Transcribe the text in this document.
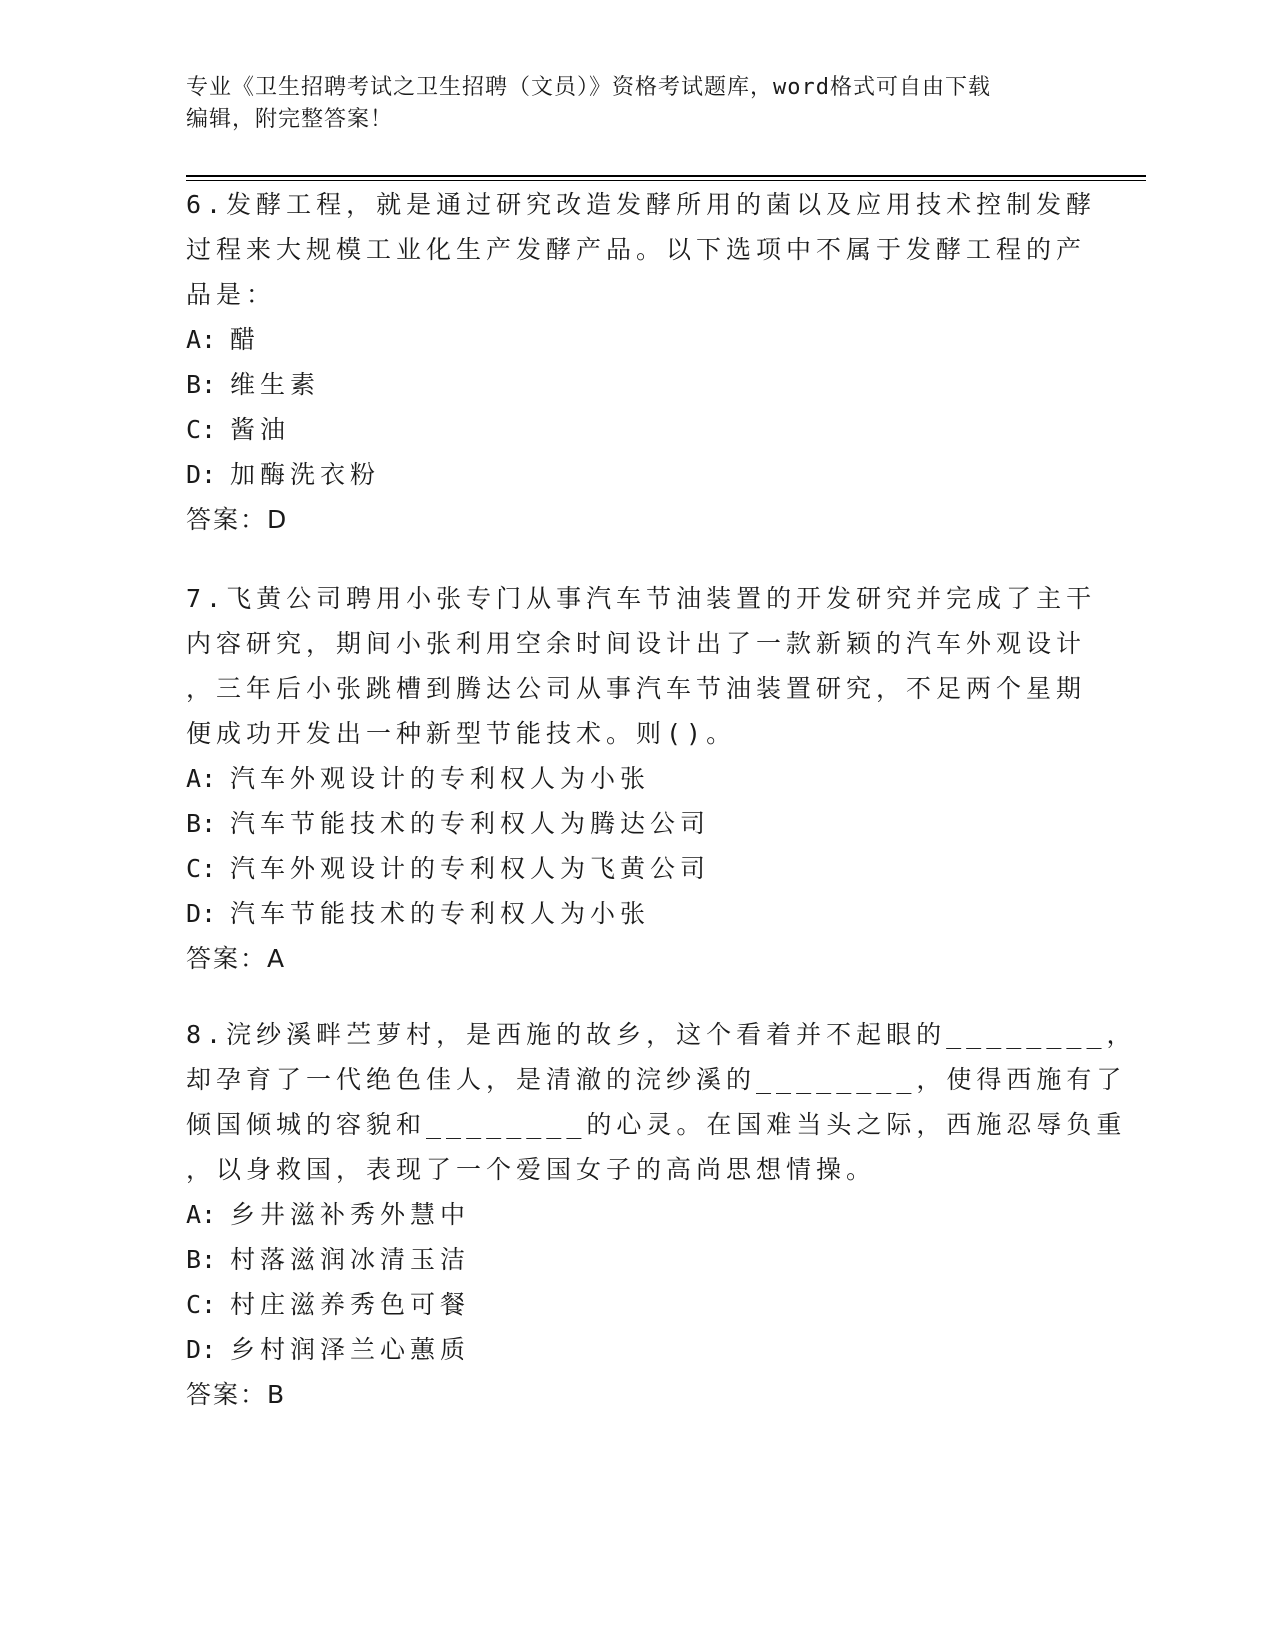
专业《卫生招聘考试之卫生招聘（文员）》资格考试题库，word格式可自由下载
编辑，附完整答案！
6.发酵工程，就是通过研究改造发酵所用的菌以及应用技术控制发酵
过程来大规模工业化生产发酵产品。以下选项中不属于发酵工程的产
品是：
A: 醋
B: 维生素
C: 酱油
D: 加酶洗衣粉
答案：D
7.飞黄公司聘用小张专门从事汽车节油装置的开发研究并完成了主干
内容研究，期间小张利用空余时间设计出了一款新颖的汽车外观设计
，三年后小张跳槽到腾达公司从事汽车节油装置研究，不足两个星期
便成功开发出一种新型节能技术。则()。
A: 汽车外观设计的专利权人为小张
B: 汽车节能技术的专利权人为腾达公司
C: 汽车外观设计的专利权人为飞黄公司
D: 汽车节能技术的专利权人为小张
答案：A
8.浣纱溪畔苎萝村，是西施的故乡，这个看着并不起眼的________，
却孕育了一代绝色佳人，是清澈的浣纱溪的________，使得西施有了
倾国倾城的容貌和________的心灵。在国难当头之际，西施忍辱负重
，以身救国，表现了一个爱国女子的高尚思想情操。
A: 乡井滋补秀外慧中
B: 村落滋润冰清玉洁
C: 村庄滋养秀色可餐
D: 乡村润泽兰心蕙质
答案：B
